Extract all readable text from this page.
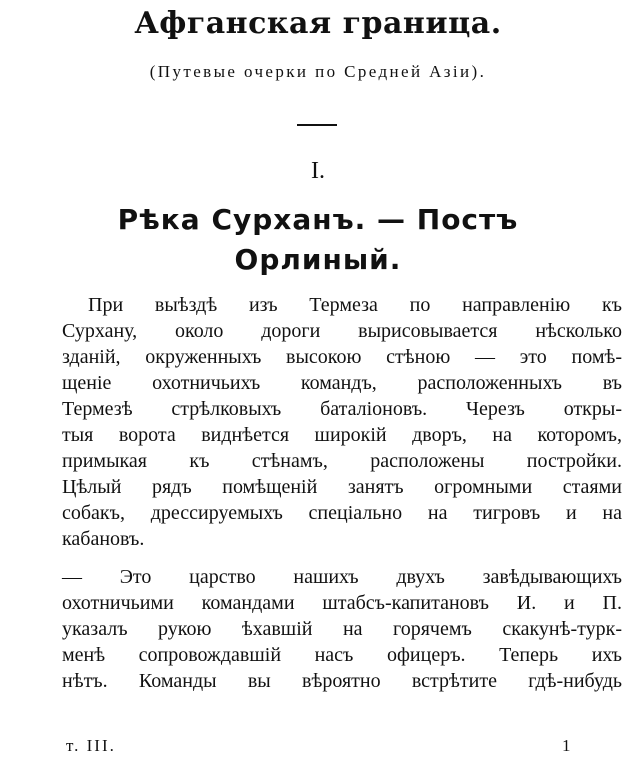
Афганская граница.
(Путевые очерки по Средней Азіи).
I.
Рѣка Сурханъ. — Постъ
Орлиный.
При выѣздѣ изъ Термеза по направленію къ
Сурхану, около дороги вырисовывается нѣсколько
зданій, окруженныхъ высокою стѣною — это помѣ-
щеніе охотничьихъ командъ, расположенныхъ въ
Термезѣ стрѣлковыхъ баталіоновъ. Черезъ откры-
тыя ворота виднѣется широкій дворъ, на которомъ,
примыкая къ стѣнамъ, расположены постройки.
Цѣлый рядъ помѣщеній занятъ огромными стаями
собакъ, дрессируемыхъ спеціально на тигровъ и на
кабановъ.
— Это царство нашихъ двухъ завѣдывающихъ
охотничьими командами штабсъ-капитановъ И. и П.
указалъ рукою ѣхавшій на горячемъ скакунѣ-турк-
менѣ сопровождавшій насъ офицеръ. Теперь ихъ
нѣтъ. Команды вы вѣроятно встрѣтите гдѣ-нибудь
т. III.	1
